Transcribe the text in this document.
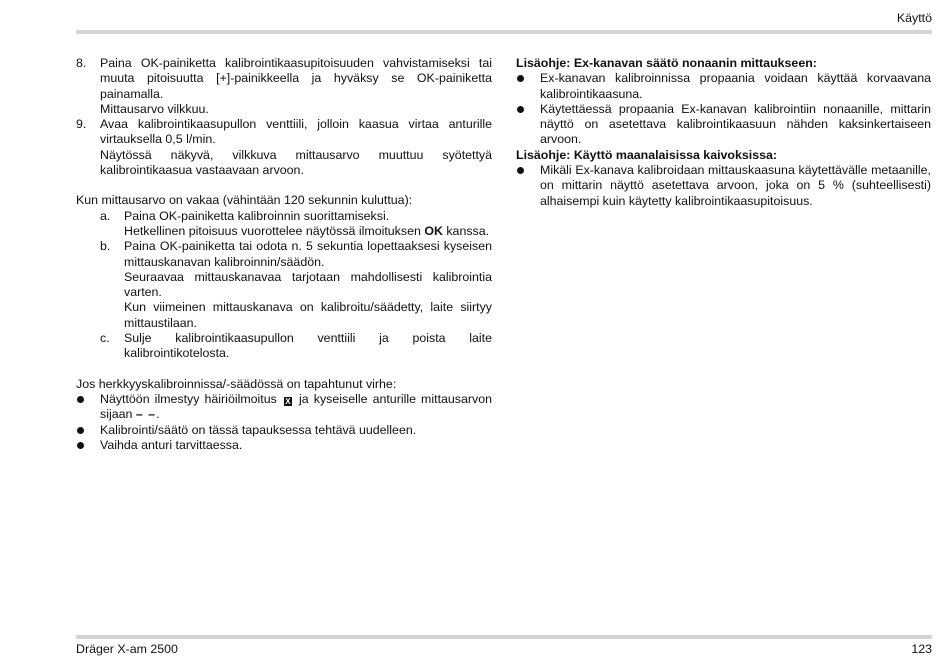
Käyttö
8.	Paina OK-painiketta kalibrointikaasupitoisuuden vahvistamiseksi tai muuta pitoisuutta [+]-painikkeella ja hyväksy se OK-painiketta painamalla.

Mittausarvo vilkkuu.

9.	Avaa kalibrointikaasupullon venttiili, jolloin kaasua virtaa anturille virtauksella 0,5 l/min.

Näytössä näkyvä, vilkkuva mittausarvo muuttuu syötettyä kalibrointikaasua vastaavaan arvoon.

Kun mittausarvo on vakaa (vähintään 120 sekunnin kuluttua):

a.	Paina OK-painiketta kalibroinnin suorittamiseksi.

Hetkellinen pitoisuus vuorottelee näytössä ilmoituksen OK kanssa.

b.	Paina OK-painiketta tai odota n. 5 sekuntia lopettaaksesi kyseisen mittauskanavan kalibroinnin/säädön.

Seuraavaa mittauskanavaa tarjotaan mahdollisesti kalibrointia varten.

Kun viimeinen mittauskanava on kalibroitu/säädetty, laite siirtyy mittaustilaan.

c.	Sulje kalibrointikaasupullon venttiili ja poista laite kalibrointikotelosta.

Jos herkkyyskalibroinnissa/-säädössä on tapahtunut virhe:

Näyttöön ilmestyy häiriöilmoitus X ja kyseiselle anturille mittausarvon sijaan – –.

Kalibrointi/säätö on tässä tapauksessa tehtävä uudelleen.

Vaihda anturi tarvittaessa.

Lisäohje: Ex-kanavan säätö nonaanin mittaukseen:

Ex-kanavan kalibroinnissa propaania voidaan käyttää korvaavana kalibrointikaasuna.

Käytettäessä propaania Ex-kanavan kalibrointiin nonaanille, mittarin näyttö on asetettava kalibrointikaasuun nähden kaksinkertaiseen arvoon.

Lisäohje: Käyttö maanalaisissa kaivoksissa:

Mikäli Ex-kanava kalibroidaan mittauskaasuna käytettävälle metaanille, on mittarin näyttö asetettava arvoon, joka on 5 % (suhteellisesti) alhaisempi kuin käytetty kalibrointikaasupitoisuus.

Dräger X-am 2500	123
